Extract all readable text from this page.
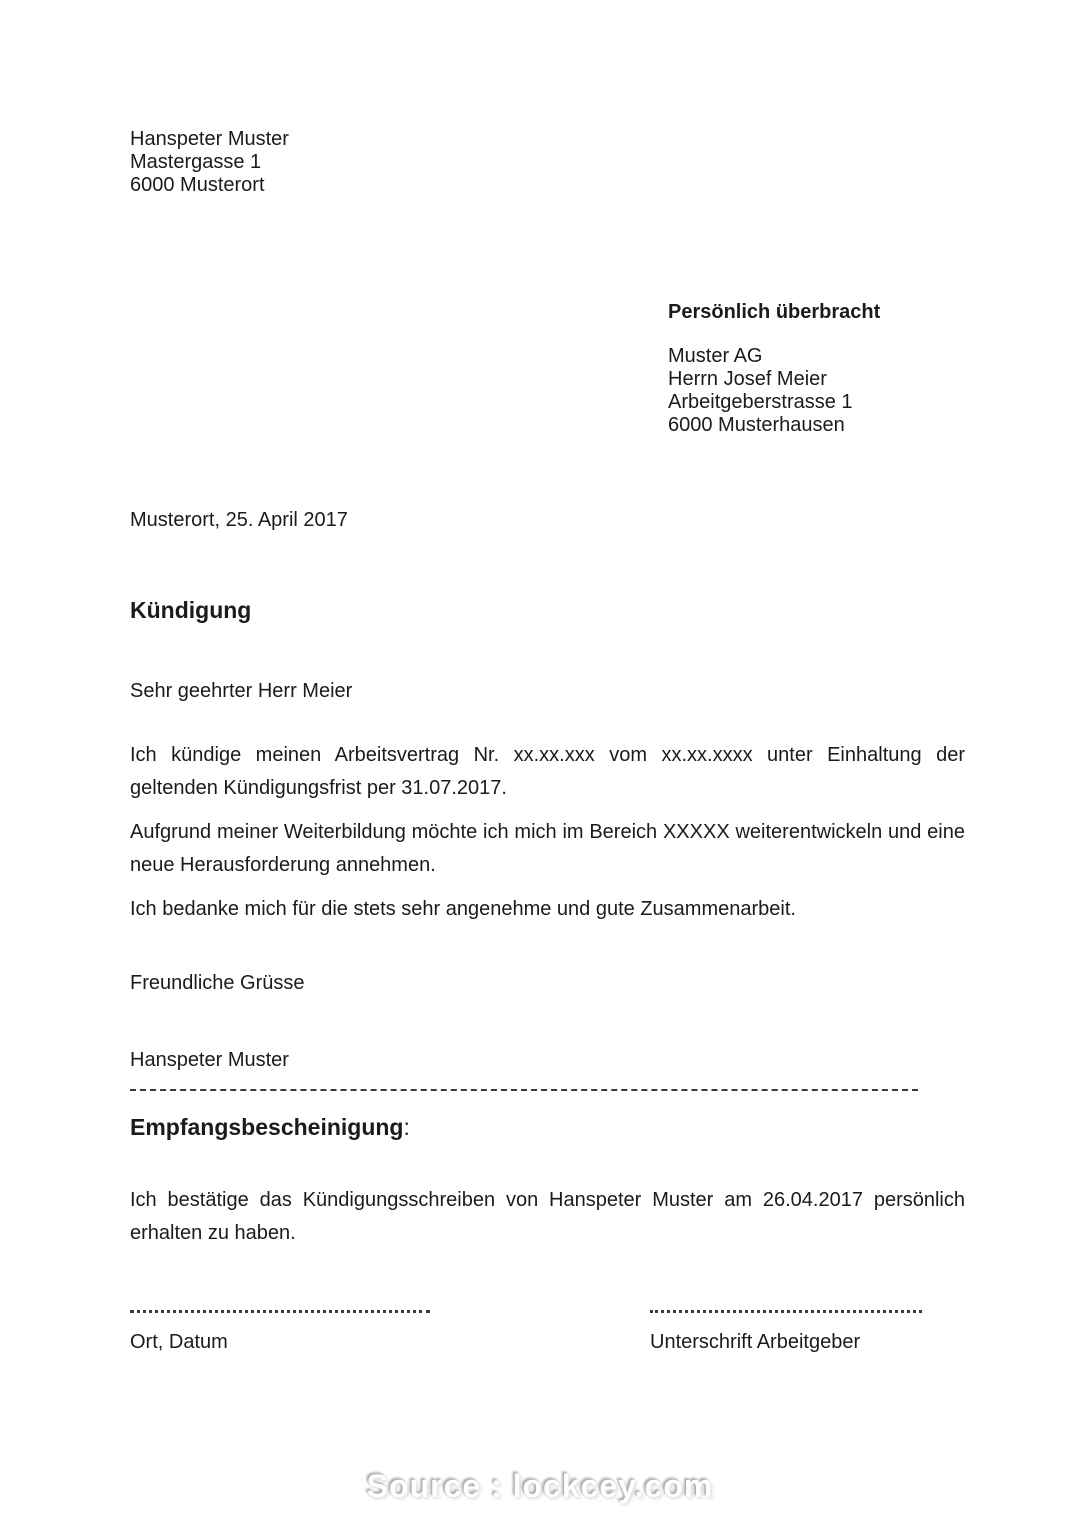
Hanspeter Muster
Mastergasse 1
6000 Musterort
Persönlich überbracht
Muster AG
Herrn Josef Meier
Arbeitgeberstrasse 1
6000 Musterhausen
Musterort, 25. April 2017
Kündigung
Sehr geehrter Herr Meier

Ich kündige meinen Arbeitsvertrag Nr. xx.xx.xxx vom xx.xx.xxxx unter Einhaltung der geltenden Kündigungsfrist per 31.07.2017.

Aufgrund meiner Weiterbildung möchte ich mich im Bereich XXXXX weiterentwickeln und eine neue Herausforderung annehmen.

Ich bedanke mich für die stets sehr angenehme und gute Zusammenarbeit.

Freundliche Grüsse
Hanspeter Muster
Empfangsbescheinigung:

Ich bestätige das Kündigungsschreiben von Hanspeter Muster am 26.04.2017 persönlich erhalten zu haben.

Ort, Datum	Unterschrift Arbeitgeber
Source : lockcey.com
